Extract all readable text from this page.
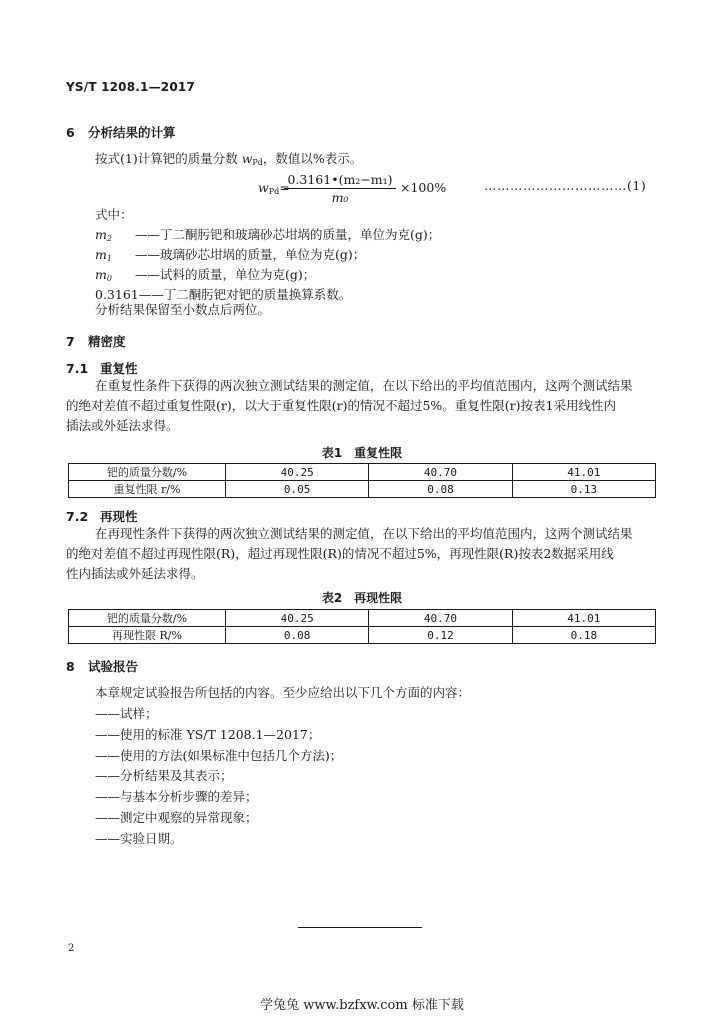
YS/T 1208.1—2017
6 分析结果的计算
按式(1)计算钯的质量分数 $w_{Pd}$，数值以%表示。
$w_{Pd}=$
$\frac{\text{0.3161•(m₂−m₁)}}{\text{m₀}} \times 100\%$	……………………………(1)
式中：
$m_2$	——丁二酮肟钯和玻璃砂芯坩埚的质量，单位为克(g)；
$m_1$	——玻璃砂芯坩埚的质量，单位为克(g)；
$m_0$	——试料的质量，单位为克(g)；
0.3161——丁二酮肟钯对钯的质量换算系数。
分析结果保留至小数点后两位。
7 精密度
7.1 重复性
在重复性条件下获得的两次独立测试结果的测定值，在以下给出的平均值范围内，这两个测试结果
的绝对差值不超过重复性限(r)，以大于重复性限(r)的情况不超过5%。重复性限(r)按表1采用线性内
插法或外延法求得。
表1　重复性限
钯的质量分数/%	40.25	40.70	41.01
重复性限 r/%	0.05	0.08	0.13
7.2 再现性
在再现性条件下获得的两次独立测试结果的测定值，在以下给出的平均值范围内，这两个测试结果
的绝对差值不超过再现性限(R)，超过再现性限(R)的情况不超过5%，再现性限(R)按表2数据采用线
性内插法或外延法求得。
表2　再现性限
钯的质量分数/%	40.25	40.70	41.01
再现性限 R/%	0.08	0.12	0.18
8 试验报告
本章规定试验报告所包括的内容。至少应给出以下几个方面的内容：
——试样；
——使用的标准 YS/T 1208.1—2017；
——使用的方法(如果标准中包括几个方法)；
——分析结果及其表示；
——与基本分析步骤的差异；
——测定中观察的异常现象；
——实验日期。
2
学兔兔 www.bzfxw.com 标准下载
